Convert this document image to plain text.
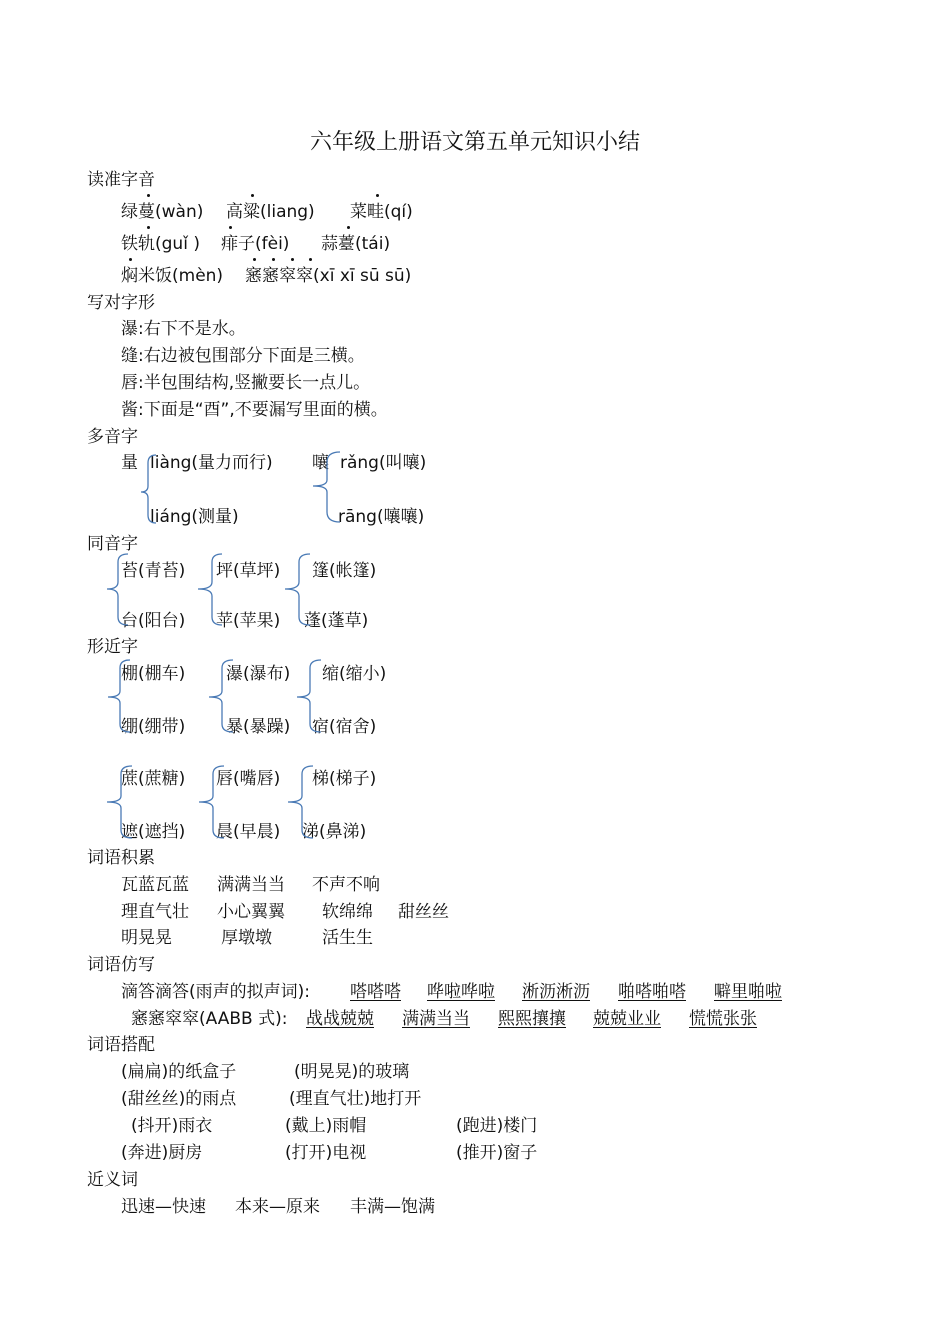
六年级上册语文第五单元知识小结
读准字音
绿蔓(wàn) 高粱(liang) 菜畦(qí)
铁轨(guǐ ) 痱子(fèi) 蒜薹(tái)
焖米饭(mèn) 窸窸窣窣(xī xī sū sū)
写对字形
瀑:右下不是水。
缝:右边被包围部分下面是三横。
唇:半包围结构,竖撇要长一点儿。
酱:下面是“酉”,不要漏写里面的横。
多音字
量 liàng(量力而行)
liáng(测量)
嚷 rǎng(叫嚷)
rāng(嚷嚷)
同音字
苔(青苔) 坪(草坪) 篷(帐篷)
台(阳台) 苹(苹果) 蓬(蓬草)
形近字
棚(棚车) 瀑(瀑布) 缩(缩小)
绷(绷带) 暴(暴躁) 宿(宿舍)
蔗(蔗糖) 唇(嘴唇) 梯(梯子)
遮(遮挡) 晨(早晨) 涕(鼻涕)
词语积累
瓦蓝瓦蓝 满满当当 不声不响
理直气壮 小心翼翼 软绵绵 甜丝丝
明晃晃	厚墩墩	活生生
词语仿写
滴答滴答(雨声的拟声词): 嗒嗒嗒 哗啦哗啦 淅沥淅沥 啪嗒啪嗒 噼里啪啦
窸窸窣窣(AABB 式): 战战兢兢 满满当当 熙熙攘攘 兢兢业业 慌慌张张
词语搭配
(扁扁)的纸盒子	(明晃晃)的玻璃
(甜丝丝)的雨点	(理直气壮)地打开
(抖开)雨衣	(戴上)雨帽	(跑进)楼门
(奔进)厨房	(打开)电视	(推开)窗子
近义词
迅速—快速 本来—原来 丰满—饱满
